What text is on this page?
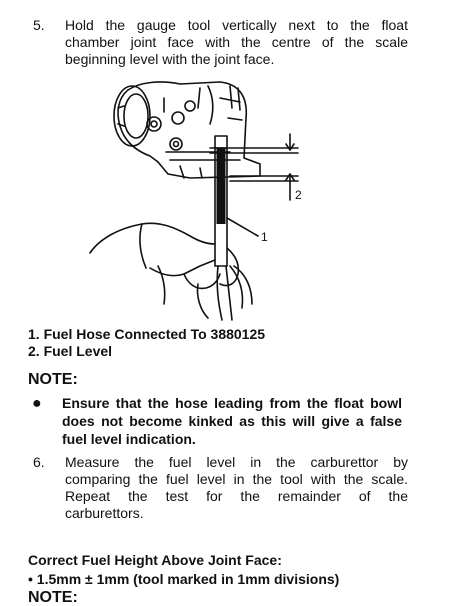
5. Hold the gauge tool vertically next to the float
chamber joint face with the centre of the scale
beginning level with the joint face.
1
2
1. Fuel Hose Connected To 3880125
2. Fuel Level
NOTE:
● Ensure that the hose leading from the float bowl
does not become kinked as this will give a false
fuel level indication.
6. Measure the fuel level in the carburettor by
comparing the fuel level in the tool with the scale.
Repeat the test for the remainder of the
carburettors.
Correct Fuel Height Above Joint Face:
• 1.5mm ± 1mm (tool marked in 1mm divisions)
NOTE:
